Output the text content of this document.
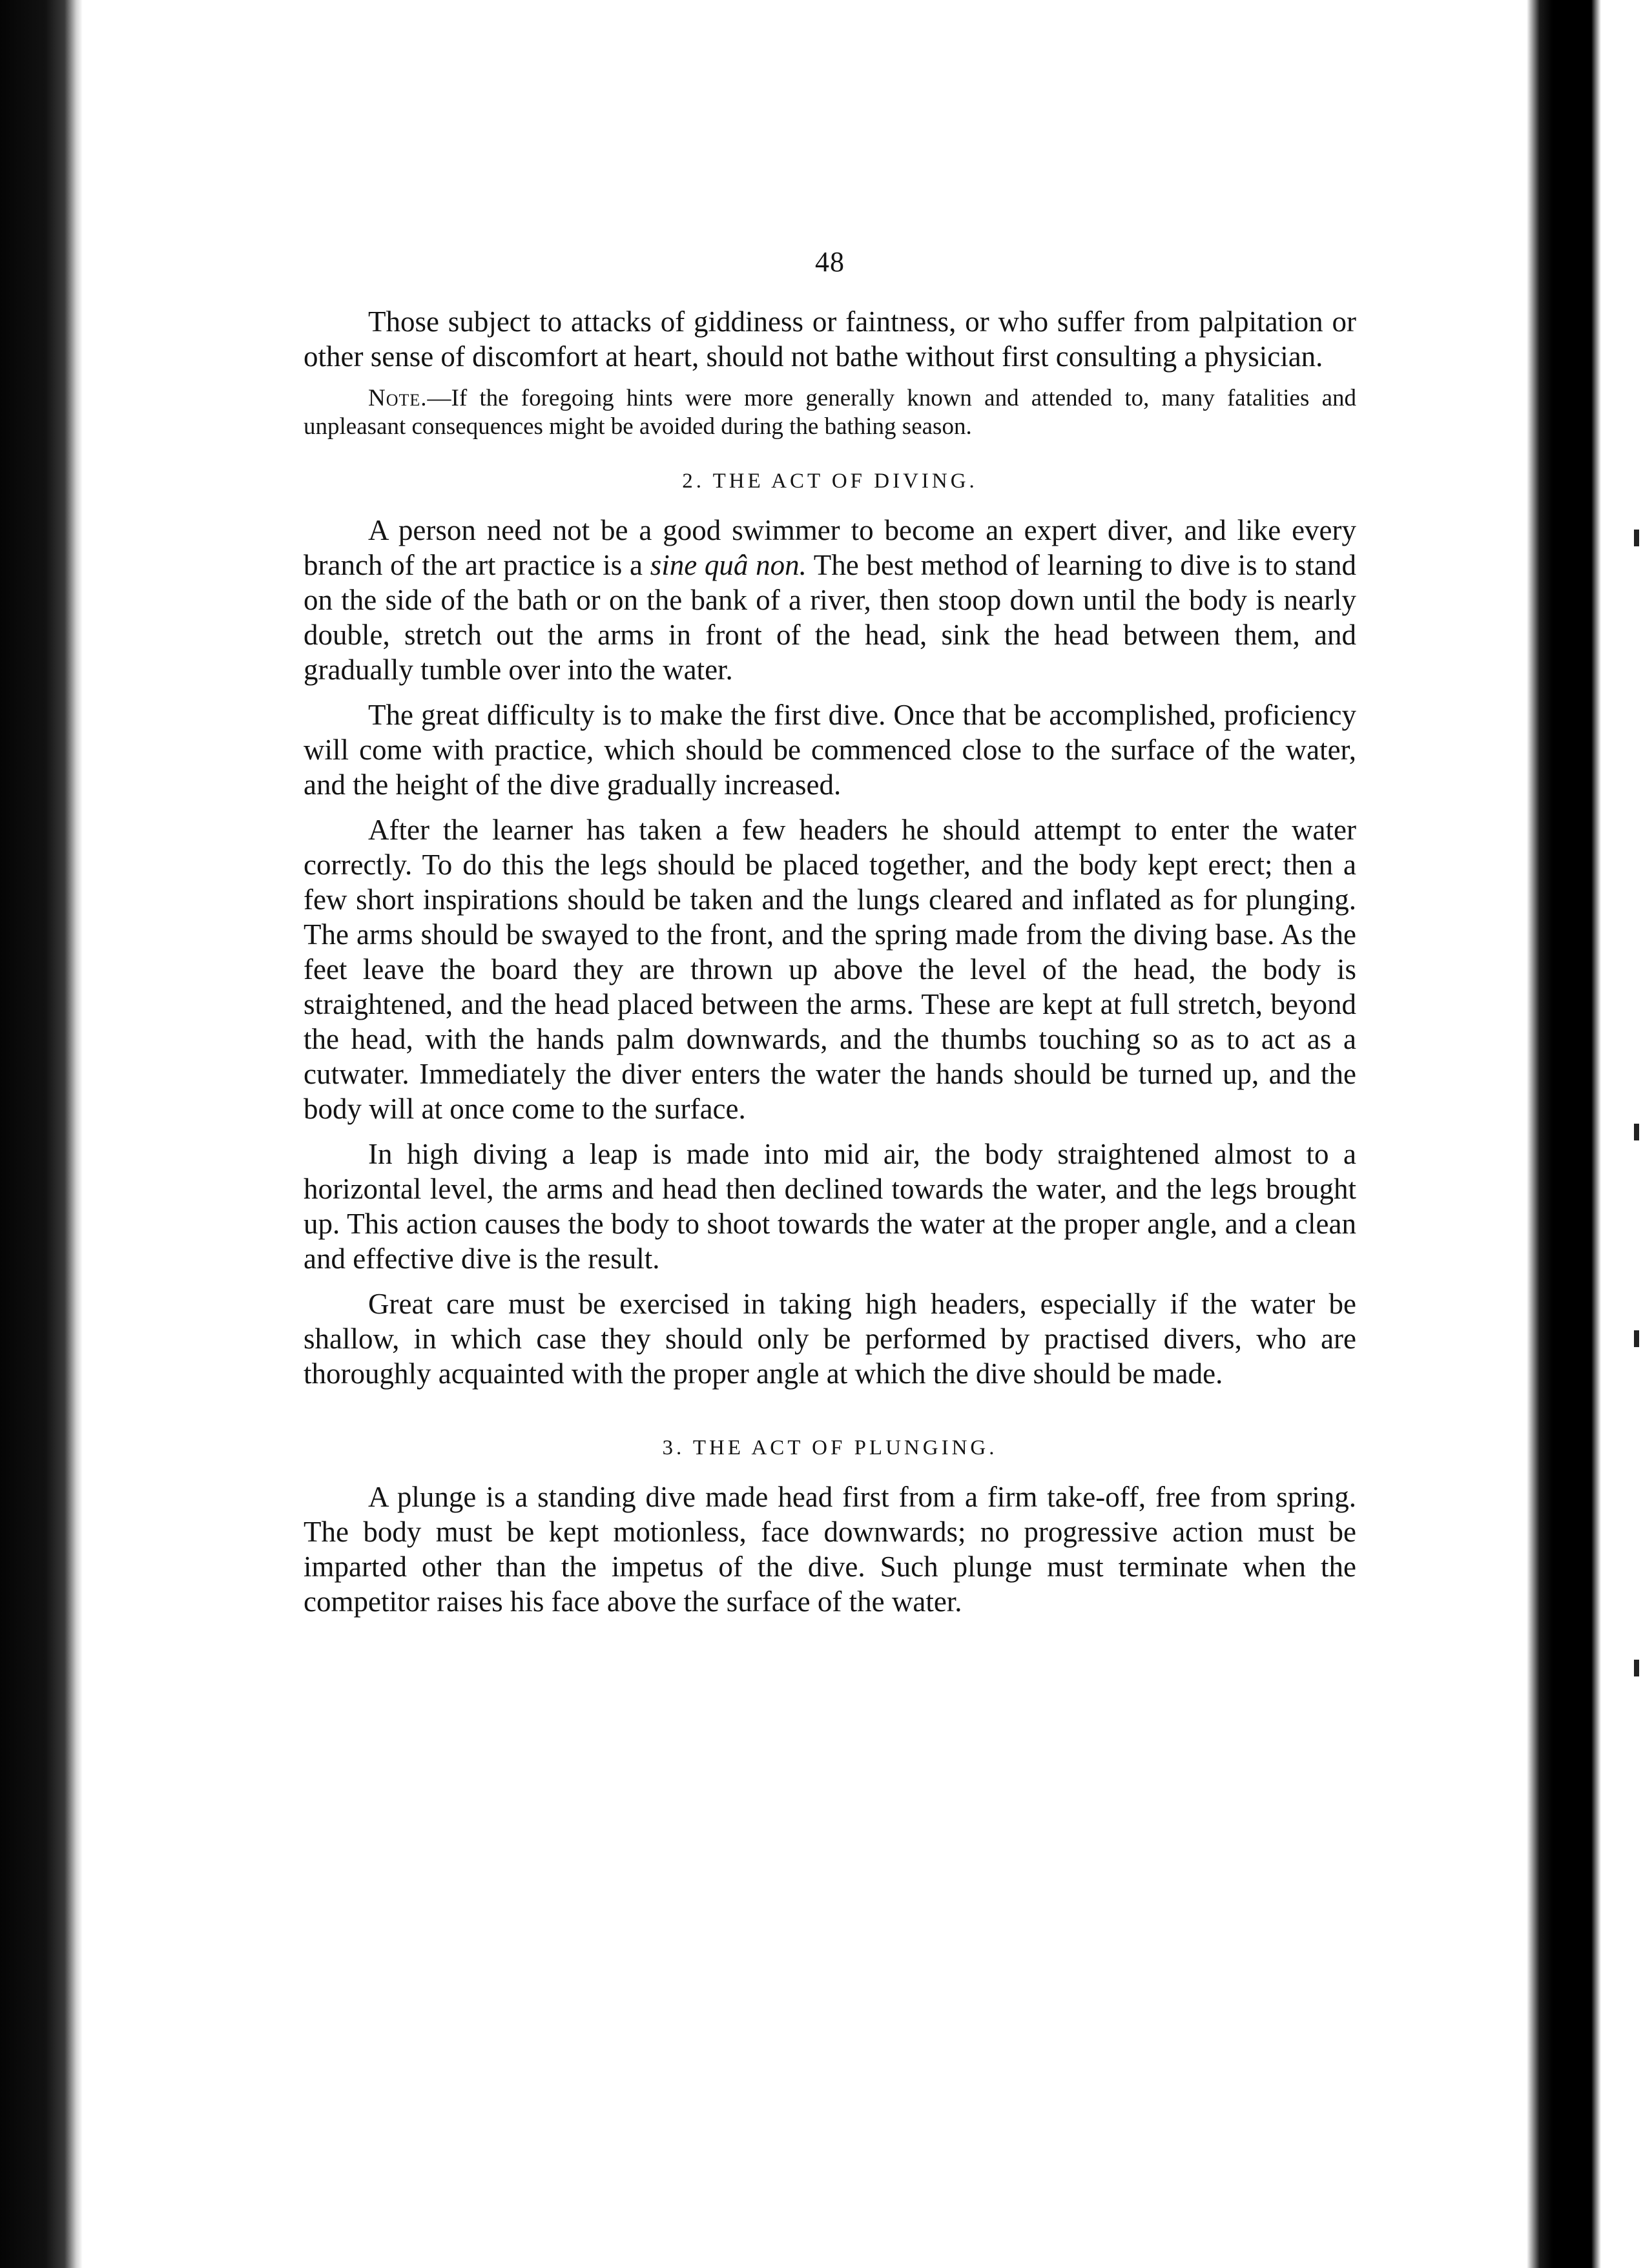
48

Those subject to attacks of giddiness or faintness, or who suffer from palpitation or other sense of discomfort at heart, should not bathe without first consulting a physician.

Note.—If the foregoing hints were more generally known and attended to, many fatalities and unpleasant consequences might be avoided during the bathing season.

2. THE ACT OF DIVING.

A person need not be a good swimmer to become an expert diver, and like every branch of the art practice is a sine quâ non. The best method of learning to dive is to stand on the side of the bath or on the bank of a river, then stoop down until the body is nearly double, stretch out the arms in front of the head, sink the head between them, and gradually tumble over into the water.

The great difficulty is to make the first dive. Once that be accomplished, proficiency will come with practice, which should be commenced close to the surface of the water, and the height of the dive gradually increased.

After the learner has taken a few headers he should attempt to enter the water correctly. To do this the legs should be placed together, and the body kept erect; then a few short inspirations should be taken and the lungs cleared and inflated as for plunging. The arms should be swayed to the front, and the spring made from the diving base. As the feet leave the board they are thrown up above the level of the head, the body is straightened, and the head placed between the arms. These are kept at full stretch, beyond the head, with the hands palm downwards, and the thumbs touching so as to act as a cutwater. Immediately the diver enters the water the hands should be turned up, and the body will at once come to the surface.

In high diving a leap is made into mid air, the body straightened almost to a horizontal level, the arms and head then declined towards the water, and the legs brought up. This action causes the body to shoot towards the water at the proper angle, and a clean and effective dive is the result.

Great care must be exercised in taking high headers, especially if the water be shallow, in which case they should only be performed by practised divers, who are thoroughly acquainted with the proper angle at which the dive should be made.

3. THE ACT OF PLUNGING.

A plunge is a standing dive made head first from a firm take-off, free from spring. The body must be kept motionless, face downwards; no progressive action must be imparted other than the impetus of the dive. Such plunge must terminate when the competitor raises his face above the surface of the water.
